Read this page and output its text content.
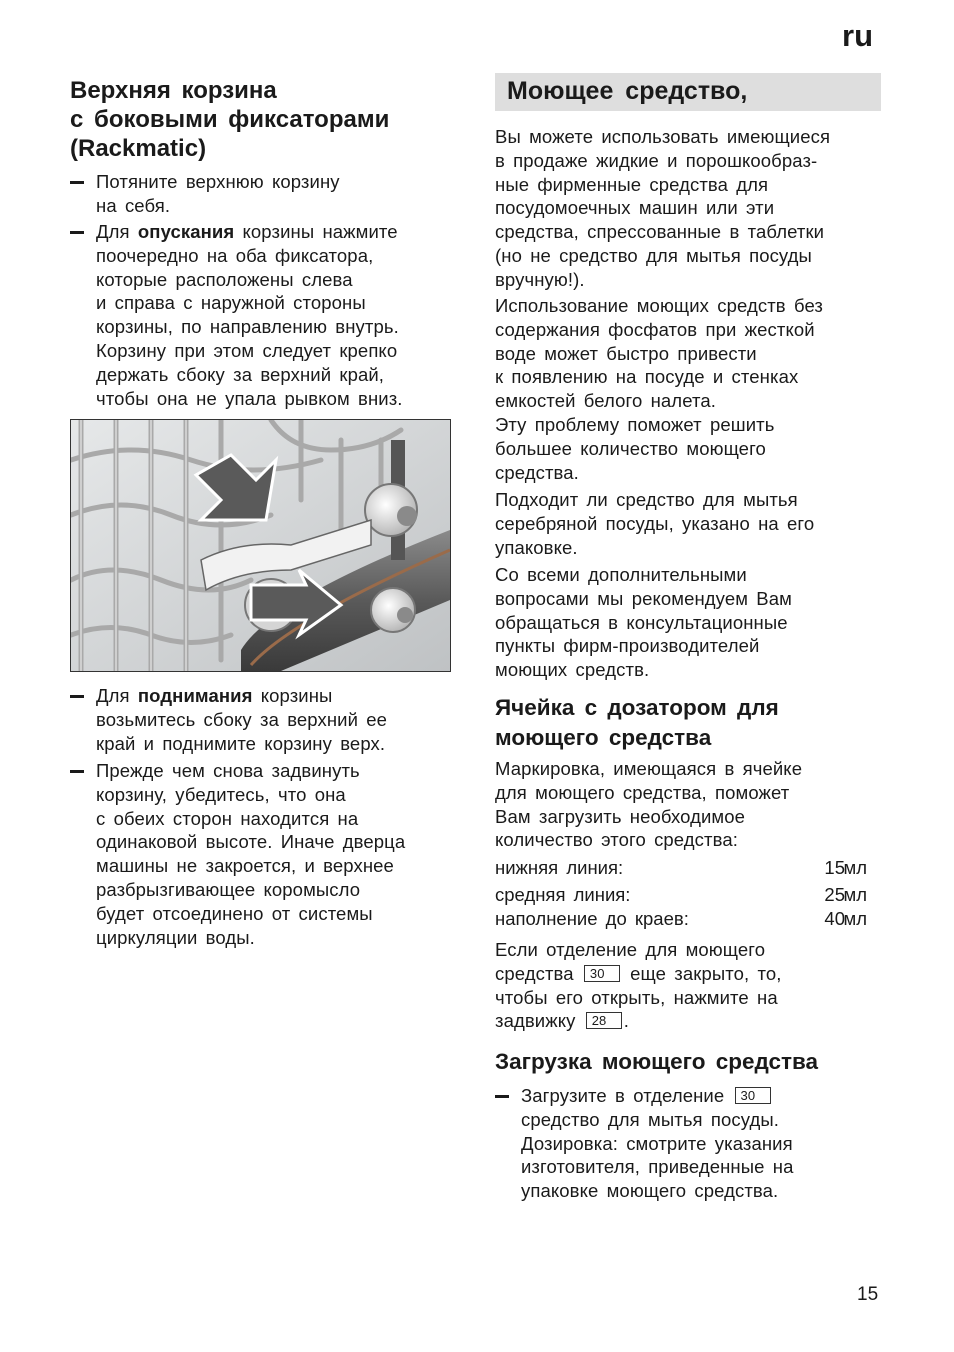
ru
Верхняя корзина
с боковыми фиксаторами
(Rackmatic)
Потяните верхнюю корзину
на себя.
Для опускания корзины нажмите
поочередно на оба фиксатора,
которые расположены слева
и справа с наружной стороны
корзины, по направлению внутрь.
Корзину при этом следует крепко
держать сбоку за верхний край,
чтобы она не упала рывком вниз.
Для поднимания корзины
возьмитесь сбоку за верхний ее
край и поднимите корзину верх.
Прежде чем снова задвинуть
корзину, убедитесь, что она
с обеих сторон находится на
одинаковой высоте. Иначе дверца
машины не закроется, и верхнее
разбрызгивающее коромысло
будет отсоединено от системы
циркуляции воды.
Моющее средство,
Вы можете использовать имеющиеся
в продаже жидкие и порошкообраз-
ные фирменные средства для
посудомоечных машин или эти
средства, спрессованные в таблетки
(но не средство для мытья посуды
вручную!).
Использование моющих средств без
содержания фосфатов при жесткой
воде может быстро привести
к появлению на посуде и стенках
емкостей белого налета.
Эту проблему поможет решить
большее количество моющего
средства.
Подходит ли средство для мытья
серебряной посуды, указано на его
упаковке.
Со всеми дополнительными
вопросами мы рекомендуем Вам
обращаться в консультационные
пункты фирм-производителей
моющих средств.
Ячейка с дозатором для
моющего средства
Маркировка, имеющаяся в ячейке
для моющего средства, поможет
Вам загрузить необходимое
количество этого средства:
нижняя линия:	15
мл
средняя линия:	25
мл
наполнение до краев:	40
мл
Если отделение для моющего
средства 30 еще закрыто, то,
чтобы его открыть, нажмите на
задвижку 28 .
Загрузка моющего средства
Загрузите в отделение 30
средство для мытья посуды.
Дозировка: смотрите указания
изготовителя, приведенные на
упаковке моющего средства.
15
